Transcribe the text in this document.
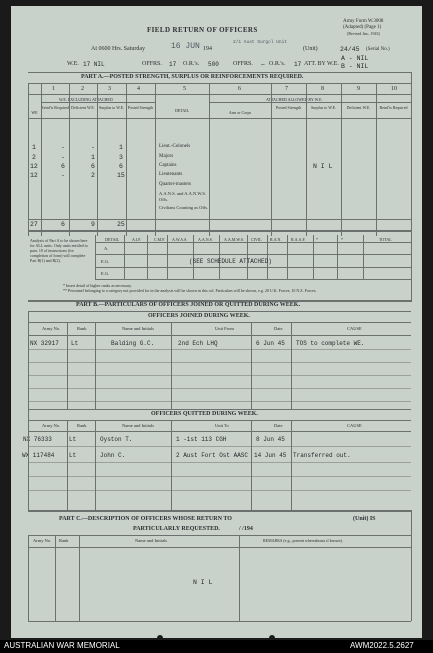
FIELD RETURN OF OFFICERS
Army Form W.3008
(Adapted) (Page 1)
(Revised Jan., 1943)
At 0600 Hrs. Saturday	16 JUN 194
2/1 Aust Surgcl Unit
(Unit)	24/45 (Serial No.)
A - NIL
B - NIL
W.E. 17 NIL	OFFRS. 17 O.R.'s. 500 OFFRS. — O.R.'s. 17 ATT. BY W.E.
PART A.—POSTED STRENGTH, SURPLUS OR REINFORCEMENTS REQUIRED.
1	2	3	4	5	6	7	8	9	10
W.E. EXCLUDING ATTACHED	ATTACHED ALLOWED BY W.E.
WE
Reinf'ts Required Deficient W.E.	Surplus to W.E. Posted Strength
DETAIL	Arm or Corps
Posted Strength	Surplus to W.E.	Deficient W.E.	Reinf'ts Required
1	-	-	1	Lieut.-Colonels
2	-	1	3	Majors
12	6	6	6	Captains
12	-	2	15	Lieutenants
Quarter-masters
A.A.N.S. and A.A.N.W.S. Offs.
Civilians Counting as Offs.
N I L
27	6	9	25
Analysis of Part A to be shown here for ALL units. Only units entitled to para. 10 of instructions (for completion of form) will complete Part B(1) and B(2).
DETAIL	A.I.F.	C.M.F. A.W.A.S.	A.A.N.S.	A.A.M.W.S. CIVIL R.A.N. R.A.A.F.	*	*	TOTAL
A.
E.G.
E.G.
(SEE SCHEDULE ATTACHED)
* Insert detail of higher ranks as necessary.
** Personnel belonging to a category not provided for in the analysis will be shown in this col. Particulars will be shown, e.g. 20 U.K. Forces; 10 N.Z. Forces.
PART B.—PARTICULARS OF OFFICERS JOINED OR QUITTED DURING WEEK.
OFFICERS JOINED DURING WEEK.
Army No.	Rank	Name and Initials	Unit From	Date	CAUSE
NX 32917 Lt	Balding G.C.	2nd Ech LHQ	6 Jun 45 TOS to complete WE.
OFFICERS QUITTED DURING WEEK.
Army No.	Rank	Name and Initials	Unit To	Date	CAUSE
NX 76333	Lt	Oyston T.	1 -1st 113 CGH	8 Jun 45
WX 117484 Lt	John C.	2 Aust Fort Ost AASC 14 Jun 45 Transferred out.
PART C.—DESCRIPTION OF OFFICERS WHOSE RETURN TO	(Unit) IS
PARTICULARLY REQUESTED.	/ /194
Army No. Rank	Name and Initials	REMARKS (e.g., present whereabouts if known).
N I L
AUSTRALIAN WAR MEMORIAL	AWM2022.5.2627
